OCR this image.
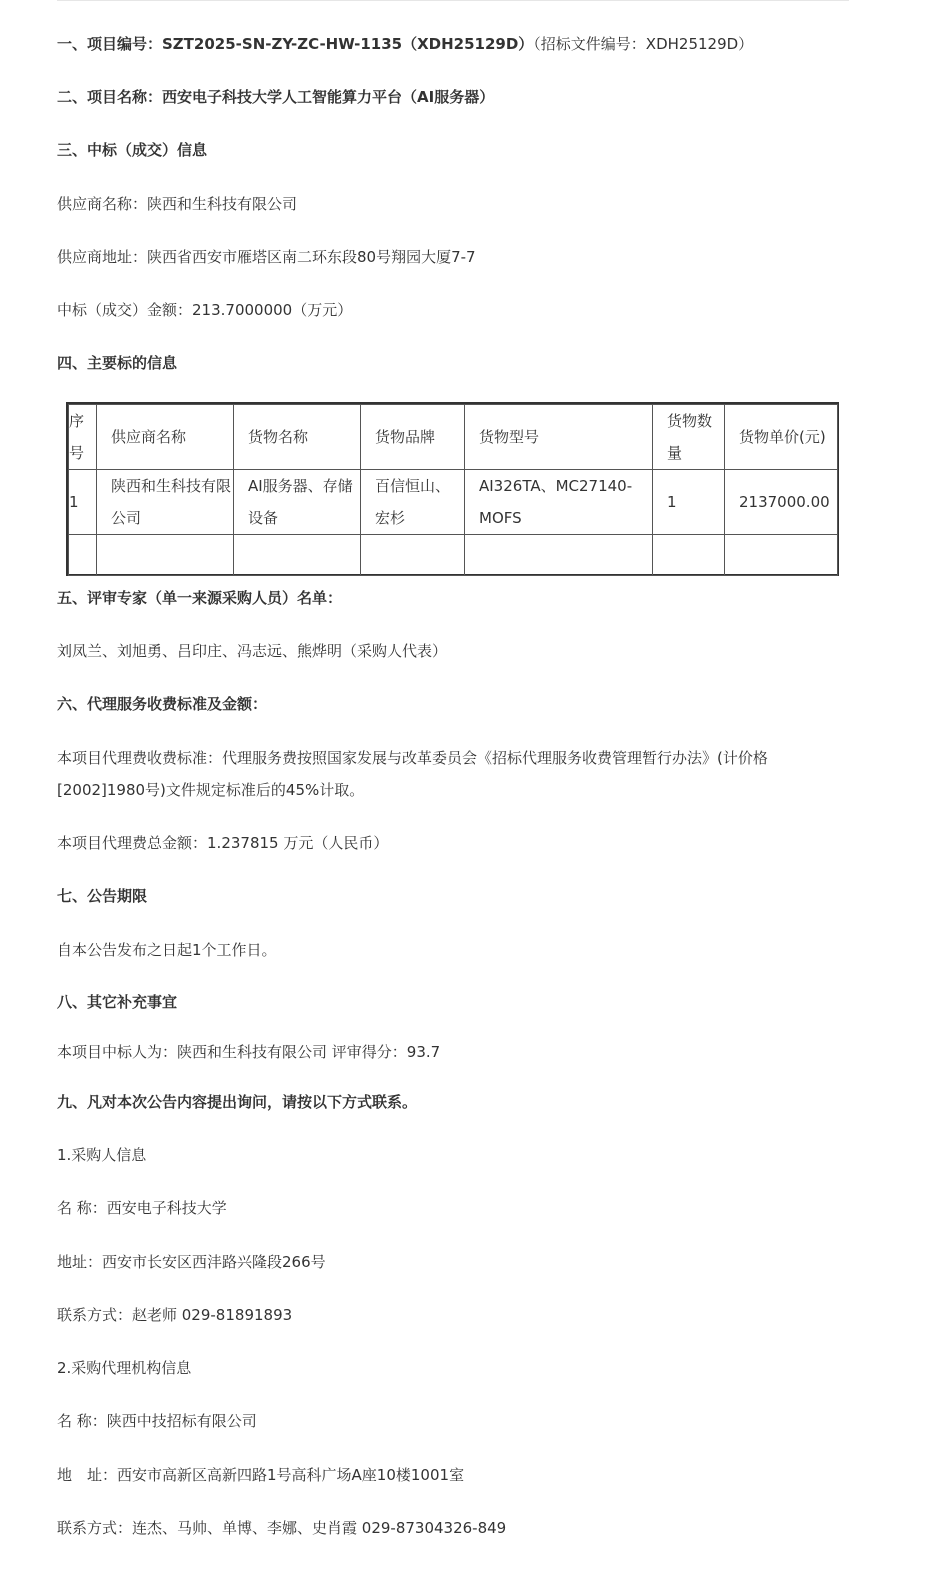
一、项目编号：SZT2025-SN-ZY-ZC-HW-1135（XDH25129D）（招标文件编号：XDH25129D）
二、项目名称：西安电子科技大学人工智能算力平台（AI服务器）
三、中标（成交）信息
供应商名称：陕西和生科技有限公司
供应商地址：陕西省西安市雁塔区南二环东段80号翔园大厦7-7
中标（成交）金额：213.7000000（万元）
四、主要标的信息
序号	供应商名称	货物名称	货物品牌	货物型号	货物数量	货物单价(元)
1	陕西和生科技有限公司	AI服务器、存储设备	百信恒山、宏杉	AI326TA、MC27140-MOFS	1	2137000.00

五、评审专家（单一来源采购人员）名单：
刘凤兰、刘旭勇、吕印庄、冯志远、熊烨明（采购人代表）
六、代理服务收费标准及金额：
本项目代理费收费标准：代理服务费按照国家发展与改革委员会《招标代理服务收费管理暂行办法》(计价格[2002]1980号)文件规定标准后的45%计取。
本项目代理费总金额：1.237815 万元（人民币）
七、公告期限
自本公告发布之日起1个工作日。
八、其它补充事宜
本项目中标人为：陕西和生科技有限公司 评审得分：93.7
九、凡对本次公告内容提出询问，请按以下方式联系。
1.采购人信息
名 称：西安电子科技大学
地址：西安市长安区西沣路兴隆段266号
联系方式：赵老师 029-81891893
2.采购代理机构信息
名 称：陕西中技招标有限公司
地　址：西安市高新区高新四路1号高科广场A座10楼1001室
联系方式：连杰、马帅、单博、李娜、史肖霞 029-87304326-849
